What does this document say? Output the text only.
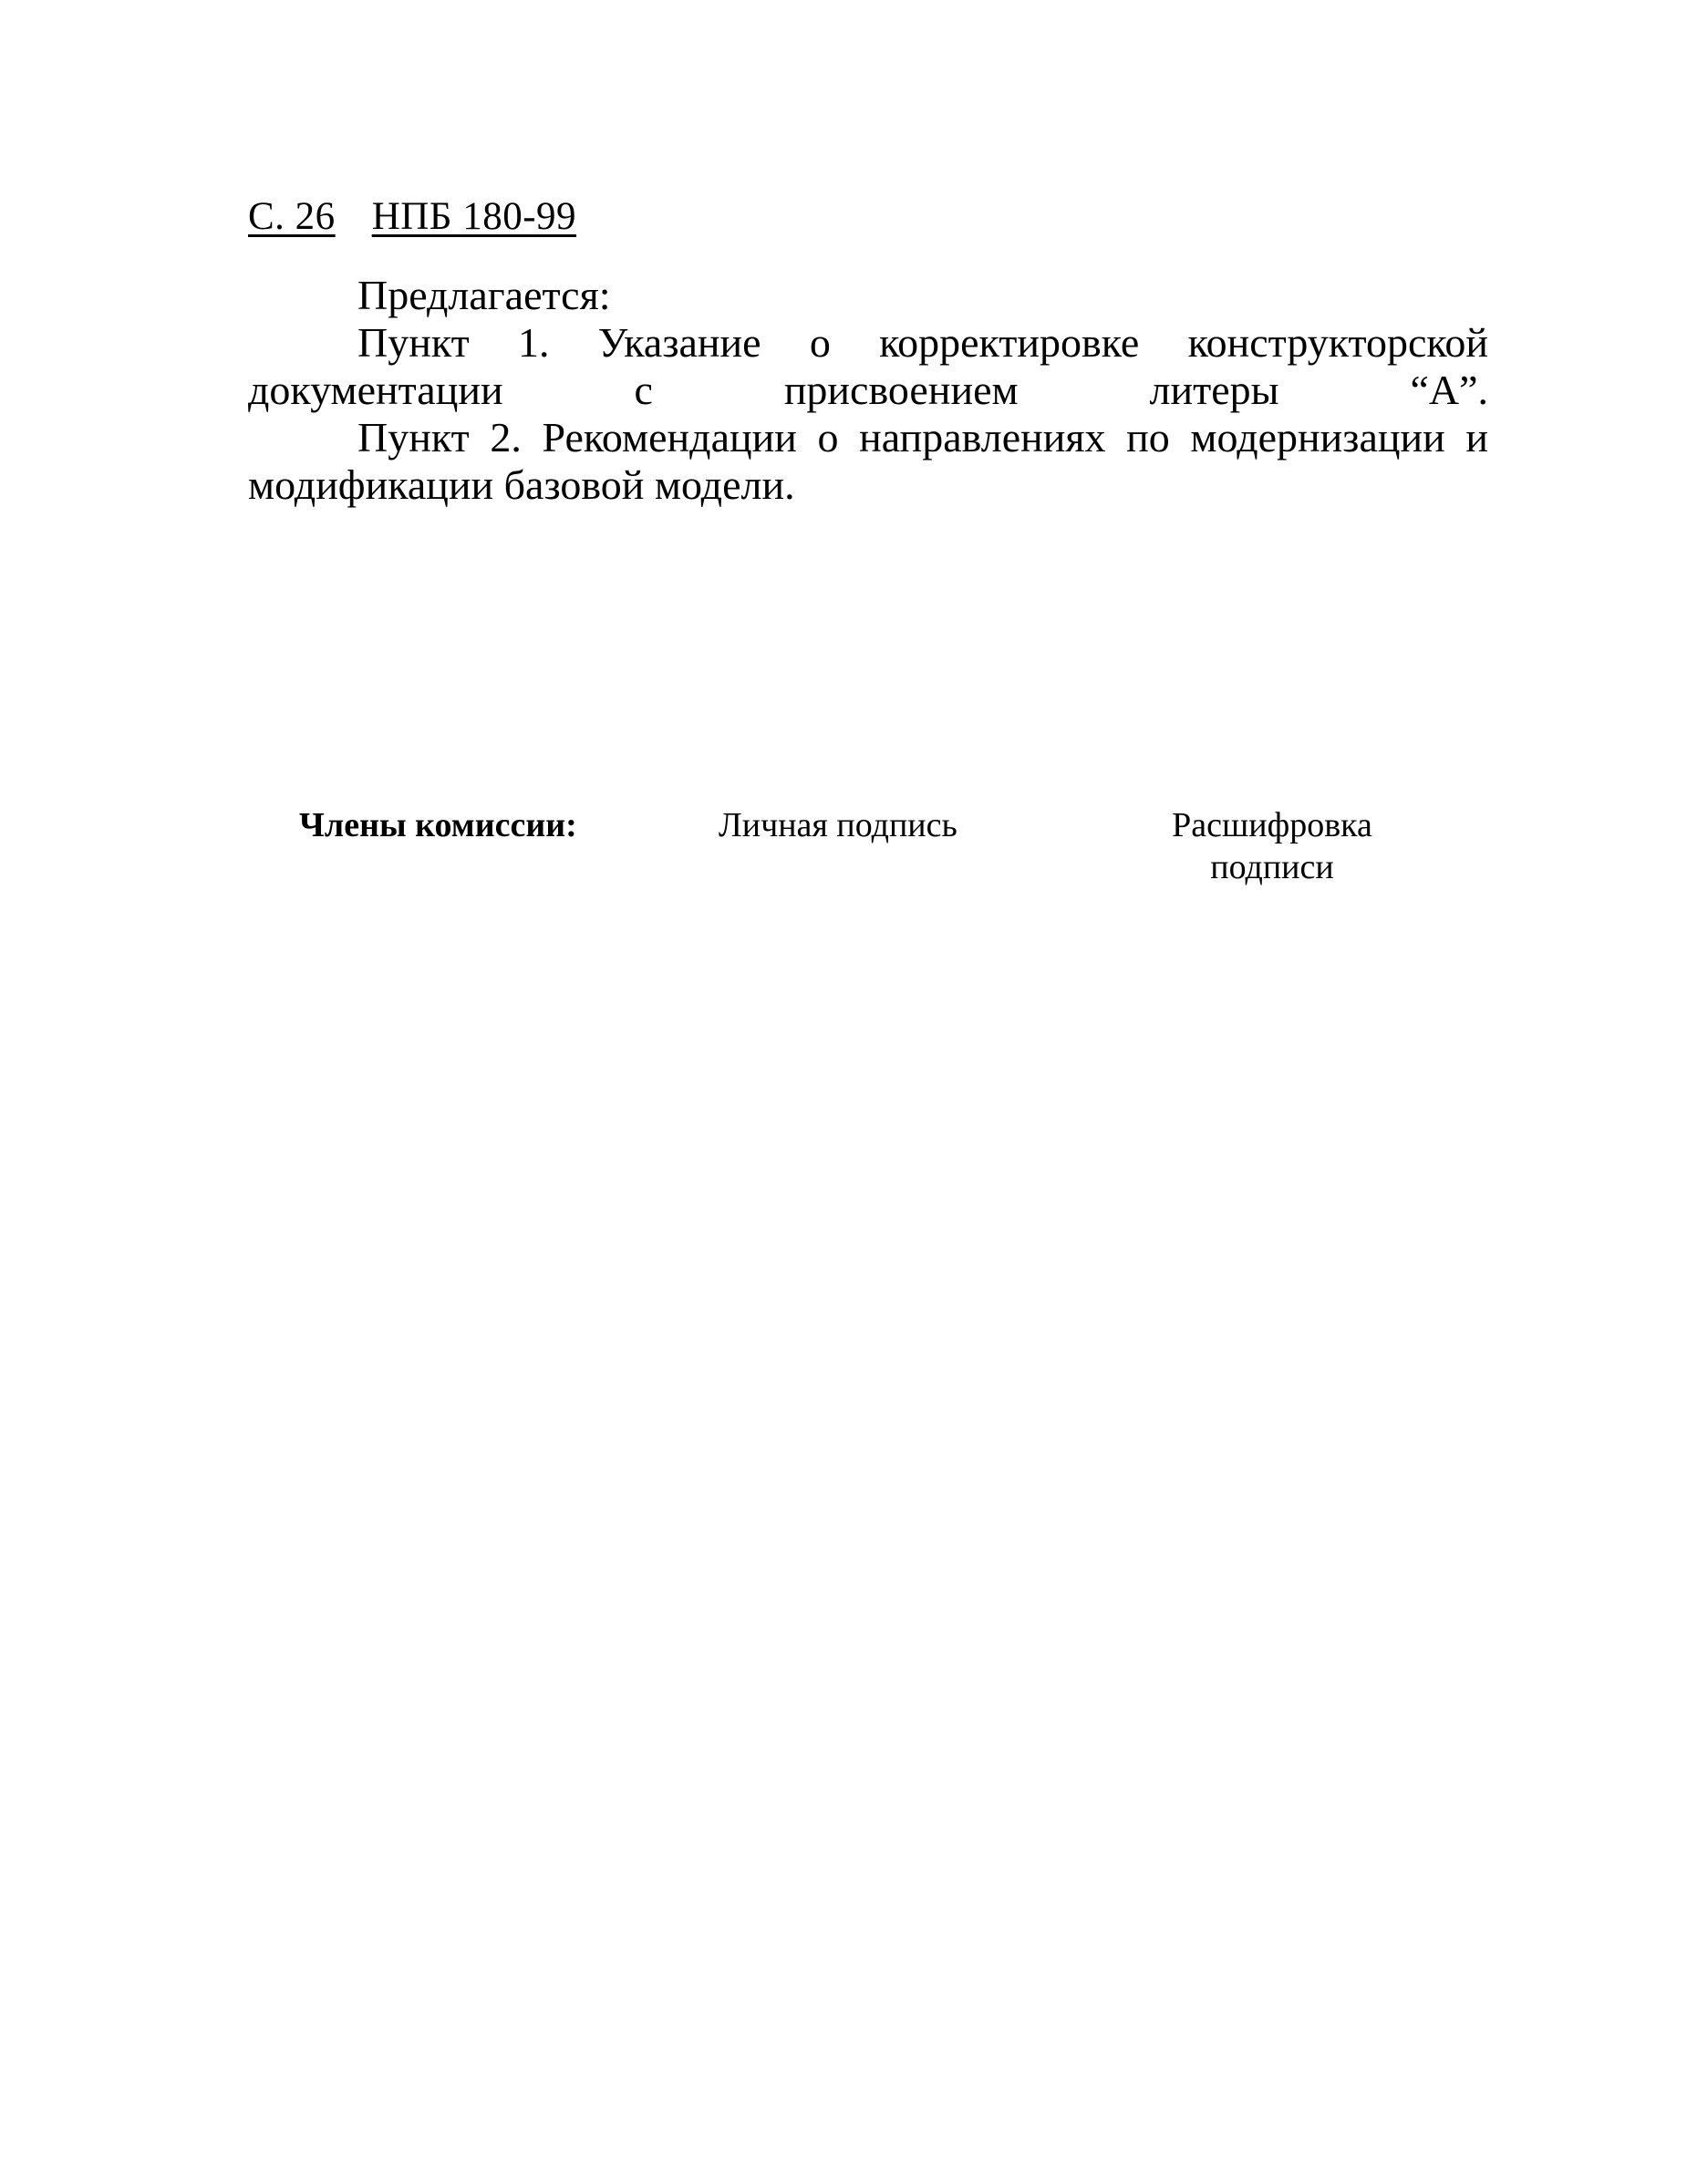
С. 26 НПБ 180-99

Предлагается:

Пункт 1. Указание о корректировке конструкторской документации с присвоением литеры “А”.

Пункт 2. Рекомендации о направлениях по модернизации и модификации базовой модели.

Члены комиссии:	Личная подпись	Расшифровка подписи
